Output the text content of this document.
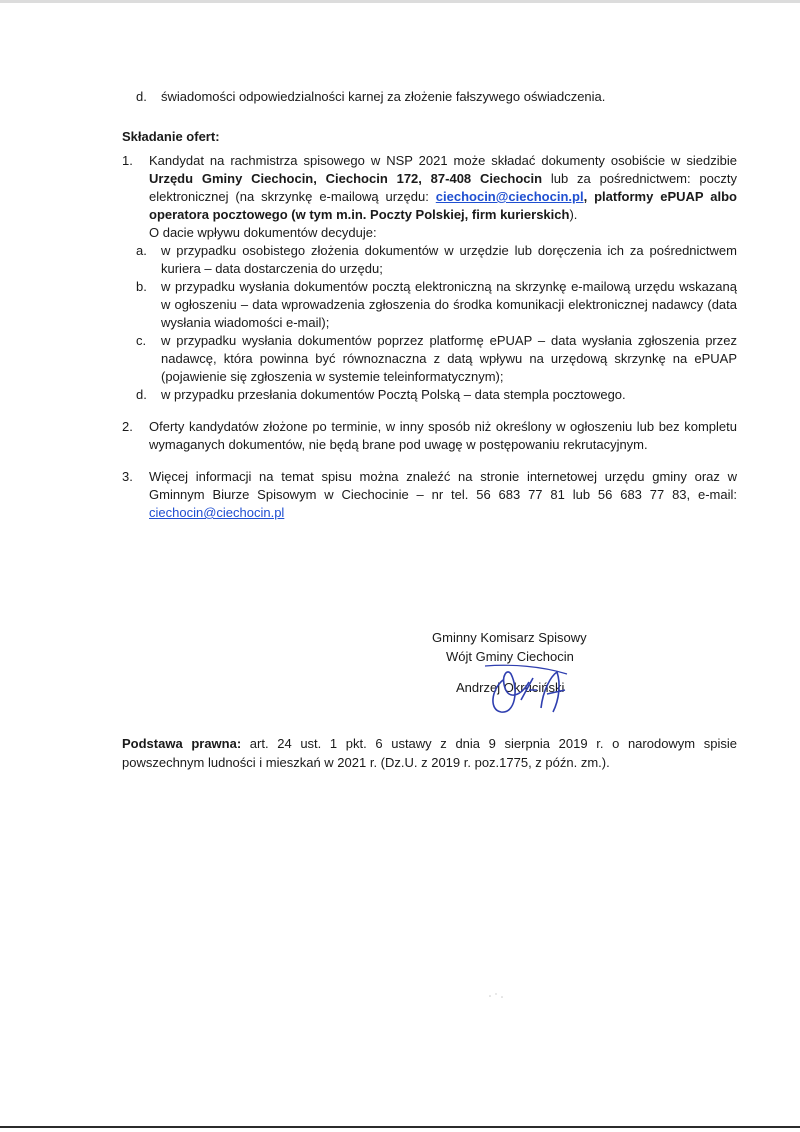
d. świadomości odpowiedzialności karnej za złożenie fałszywego oświadczenia.
Składanie ofert:
1. Kandydat na rachmistrza spisowego w NSP 2021 może składać dokumenty osobiście w siedzibie Urzędu Gminy Ciechocin, Ciechocin 172, 87-408 Ciechocin lub za pośrednictwem: poczty elektronicznej (na skrzynkę e-mailową urzędu: ciechocin@ciechocin.pl, platformy ePUAP albo operatora pocztowego (w tym m.in. Poczty Polskiej, firm kurierskich).
O dacie wpływu dokumentów decyduje:
a. w przypadku osobistego złożenia dokumentów w urzędzie lub doręczenia ich za pośrednictwem kuriera – data dostarczenia do urzędu;
b. w przypadku wysłania dokumentów pocztą elektroniczną na skrzynkę e-mailową urzędu wskazaną w ogłoszeniu – data wprowadzenia zgłoszenia do środka komunikacji elektronicznej nadawcy (data wysłania wiadomości e-mail);
c. w przypadku wysłania dokumentów poprzez platformę ePUAP – data wysłania zgłoszenia przez nadawcę, która powinna być równoznaczna z datą wpływu na urzędową skrzynkę na ePUAP (pojawienie się zgłoszenia w systemie teleinformatycznym);
d. w przypadku przesłania dokumentów Pocztą Polską – data stempla pocztowego.
2. Oferty kandydatów złożone po terminie, w inny sposób niż określony w ogłoszeniu lub bez kompletu wymaganych dokumentów, nie będą brane pod uwagę w postępowaniu rekrutacyjnym.
3. Więcej informacji na temat spisu można znaleźć na stronie internetowej urzędu gminy oraz w Gminnym Biurze Spisowym w Ciechocinie – nr tel. 56 683 77 81 lub 56 683 77 83, e-mail: ciechocin@ciechocin.pl
Gminny Komisarz Spisowy
Wójt Gminy Ciechocin
Andrzej Okruciński
Podstawa prawna: art. 24 ust. 1 pkt. 6 ustawy z dnia 9 sierpnia 2019 r. o narodowym spisie powszechnym ludności i mieszkań w 2021 r. (Dz.U. z 2019 r. poz.1775, z późn. zm.).
